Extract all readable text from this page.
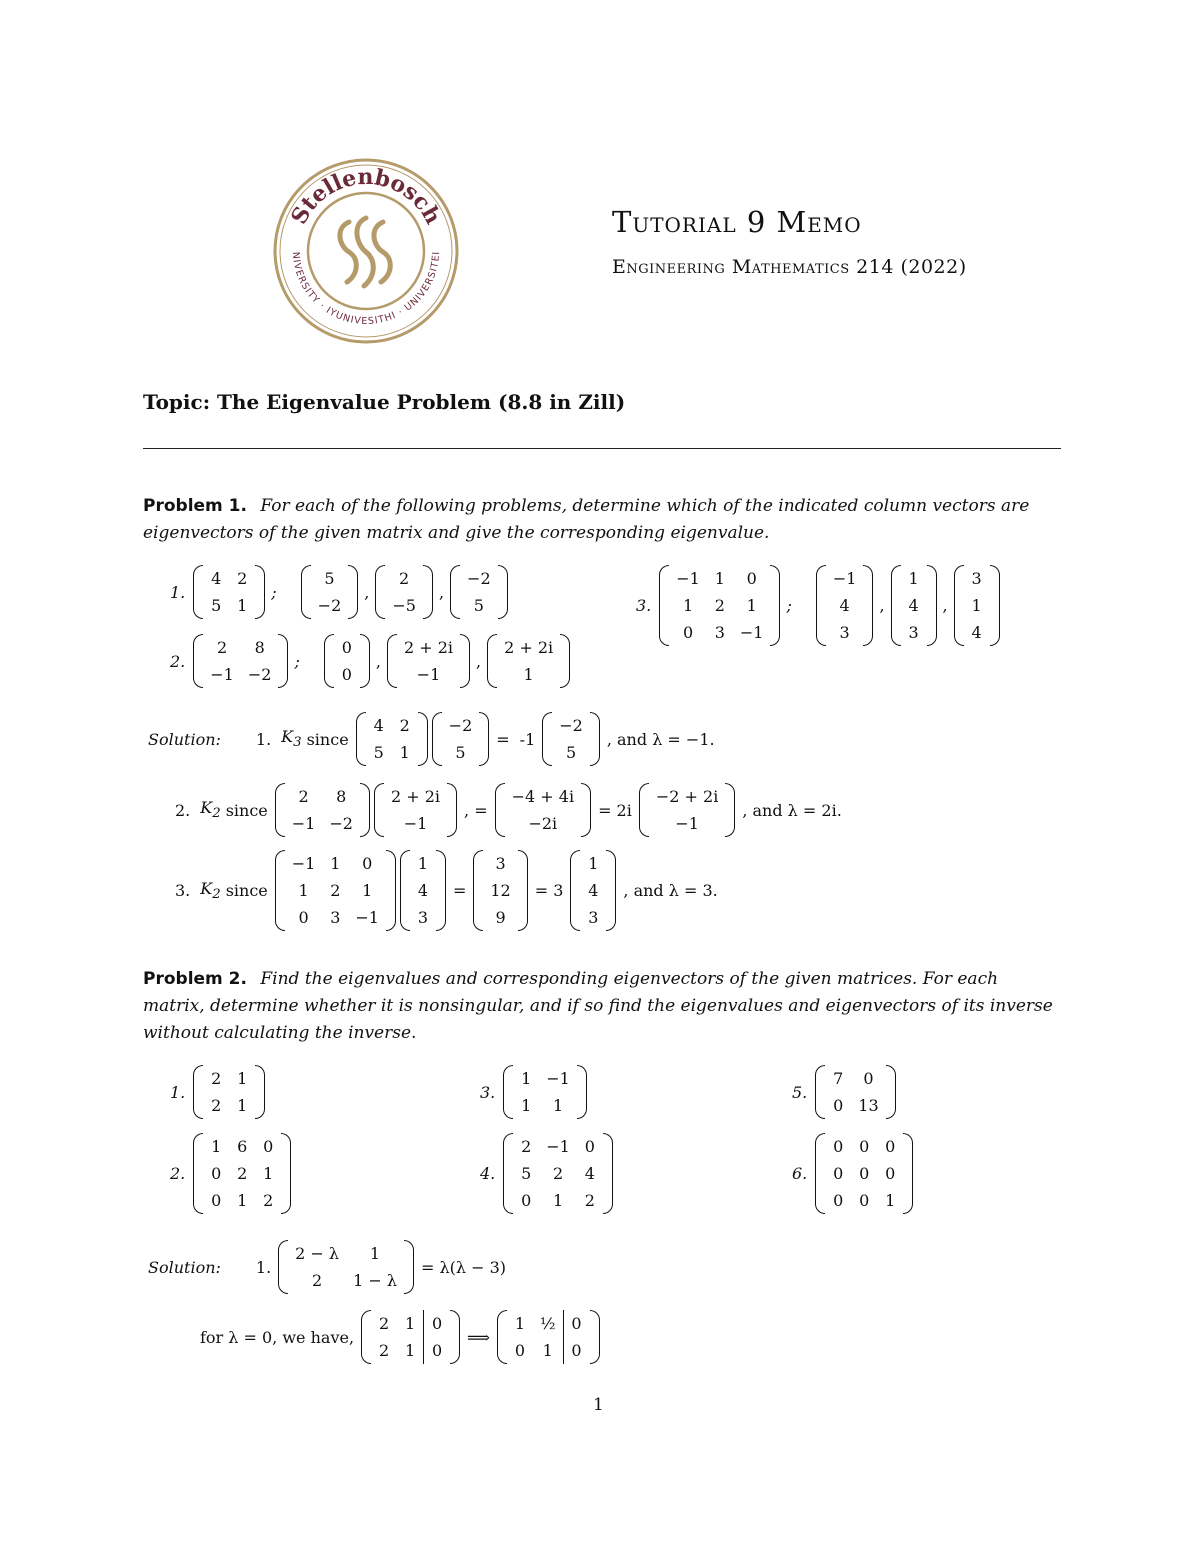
Stellenbosch
NIVERSITY · IYUNIVESITHI · UNIVERSITEI
Tutorial 9 Memo
Engineering Mathematics 214 (2022)
Topic: The Eigenvalue Problem (8.8 in Zill)
Problem 1. For each of the following problems, determine which of the indicated column vectors are eigenvectors of the given matrix and give the corresponding eigenvalue.
1.
4	2
5	1
;
5
−2
,
2
−5
,
−2
5
2.
2	8
−1	−2
;
0
0
,
2 + 2i
−1
,
2 + 2i
1
3.
−1	1	0
1	2	1
0	3	−1
;
−1
4
3
,
1
4
3
,
3
1
4
Solution: 1. $K_3$ since
4	2
5	1
−2
5
= -1
−2
5
, and λ = −1.
2. $K_2$ since
2	8
−1	−2
2 + 2i
−1
, =
−4 + 4i
−2i
= 2i
−2 + 2i
−1
, and λ = 2i.
3. $K_2$ since
−1	1	0
1	2	1
0	3	−1
1
4
3
=
3
12
9
= 3
1
4
3
, and λ = 3.
Problem 2. Find the eigenvalues and corresponding eigenvectors of the given matrices. For each matrix, determine whether it is nonsingular, and if so find the eigenvalues and eigenvectors of its inverse without calculating the inverse.
1.
2	1
2	1
2.
1	6	0
0	2	1
0	1	2
3.
1	−1
1	1
4.
2	−1	0
5	2	4
0	1	2
5.
7	0
0	13
6.
0	0	0
0	0	0
0	0	1
Solution: 1.
2 − λ	1
2	1 − λ
= λ(λ − 3)
for λ = 0, we have,
2	1	0
2	1	0
⟹
1	½	0
0	1	0
1
